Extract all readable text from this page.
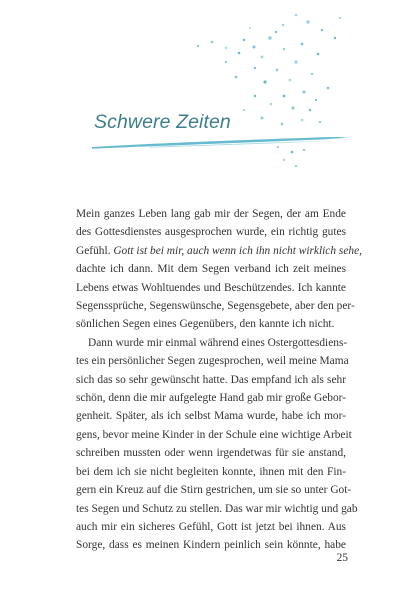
Schwere Zeiten
Mein ganzes Leben lang gab mir der Segen, der am Ende
des Gottesdienstes ausgesprochen wurde, ein richtig gutes
Gefühl. Gott ist bei mir, auch wenn ich ihn nicht wirklich sehe,
dachte ich dann. Mit dem Segen verband ich zeit meines
Lebens etwas Wohltuendes und Beschützendes. Ich kannte
Segenssprüche, Segenswünsche, Segensgebete, aber den per-
sönlichen Segen eines Gegenübers, den kannte ich nicht.
Dann wurde mir einmal während eines Ostergottesdiens-
tes ein persönlicher Segen zugesprochen, weil meine Mama
sich das so sehr gewünscht hatte. Das empfand ich als sehr
schön, denn die mir aufgelegte Hand gab mir große Gebor-
genheit. Später, als ich selbst Mama wurde, habe ich mor-
gens, bevor meine Kinder in der Schule eine wichtige Arbeit
schreiben mussten oder wenn irgendetwas für sie anstand,
bei dem ich sie nicht begleiten konnte, ihnen mit den Fin-
gern ein Kreuz auf die Stirn gestrichen, um sie so unter Got-
tes Segen und Schutz zu stellen. Das war mir wichtig und gab
auch mir ein sicheres Gefühl, Gott ist jetzt bei ihnen. Aus
Sorge, dass es meinen Kindern peinlich sein könnte, habe
25
